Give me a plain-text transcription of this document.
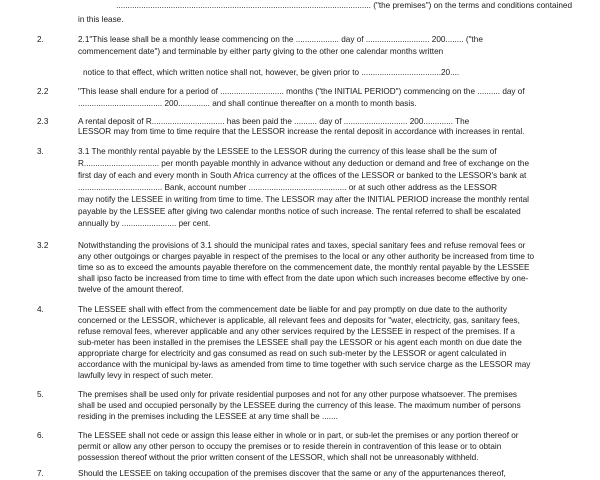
................................................................................................................ ("the premises") on the terms and conditions contained
in this lease.
2.	2.1"This lease shall be a monthly lease commencing on the ................... day of ............................ 200........ ("the
commencement date") and terminable by either party giving to the other one calendar months written
notice to that effect, which written notice shall not, however, be given prior to ...................................20....
2.2	"This lease shall endure for a period of ............................ months ("the INITIAL PERIOD") commencing on the .......... day of
..................................... 200.............. and shall continue thereafter on a month to month basis.
2.3	A rental deposit of R................................ has been paid the .......... day of ............................ 200............. The
LESSOR may from time to time require that the LESSOR increase the rental deposit in accordance with increases in rental.
3.	3.1 The monthly rental payable by the LESSEE to the LESSOR during the currency of this lease shall be the sum of
R................................. per month payable monthly in advance without any deduction or demand and free of exchange on the
first day of each and every month in South Africa currency at the offices of the LESSOR or banked to the LESSOR's bank at
..................................... Bank, account number ........................................... or at such other address as the LESSOR
may notify the LESSEE in writing from time to time. The LESSOR may after the INITIAL PERIOD increase the monthly rental
payable by the LESSEE after giving two calendar months notice of such increase. The rental referred to shall be escalated
annually by ........................ per cent.
3.2	Notwithstanding the provisions of 3.1 should the municipal rates and taxes, special sanitary fees and refuse removal fees or
any other outgoings or charges payable in respect of the premises to the local or any other authority be increased from time to
time so as to exceed the amounts payable therefore on the commencement date, the monthly rental payable by the LESSEE
shall ipso facto be increased from time to time with effect from the date upon which such increases become effective by one-
twelve of the amount thereof.
4.	The LESSEE shall with effect from the commencement date be liable for and pay promptly on due date to the authority
concerned or the LESSOR, whichever is applicable, all relevant fees and deposits for "water, electricity, gas, sanitary fees,
refuse removal fees, wherever applicable and any other services required by the LESSEE in respect of the premises. If a
sub-meter has been installed in the premises the LESSEE shall pay the LESSOR or his agent each month on due date the
appropriate charge for electricity and gas consumed as read on such sub-meter by the LESSOR or agent calculated in
accordance with the municipal by-laws as amended from time to time together with such service charge as the LESSOR may
lawfully levy in respect of such meter.
5.	The premises shall be used only for private residential purposes and not for any other purpose whatsoever. The premises
shall be used and occupied personally by the LESSEE during the currency of this lease. The maximum number of persons
residing in the premises including the LESSEE at any time shall be .......
6.	The LESSEE shall not cede or assign this lease either in whole or in part, or sub-let the premises or any portion thereof or
permit or allow any other person to occupy the premises or to reside therein in contravention of this lease or to obtain
possession thereof without the prior written consent of the LESSOR, which shall not be unreasonably withheld.
7.	Should the LESSEE on taking occupation of the premises discover that the same or any of the appurtenances thereof,
